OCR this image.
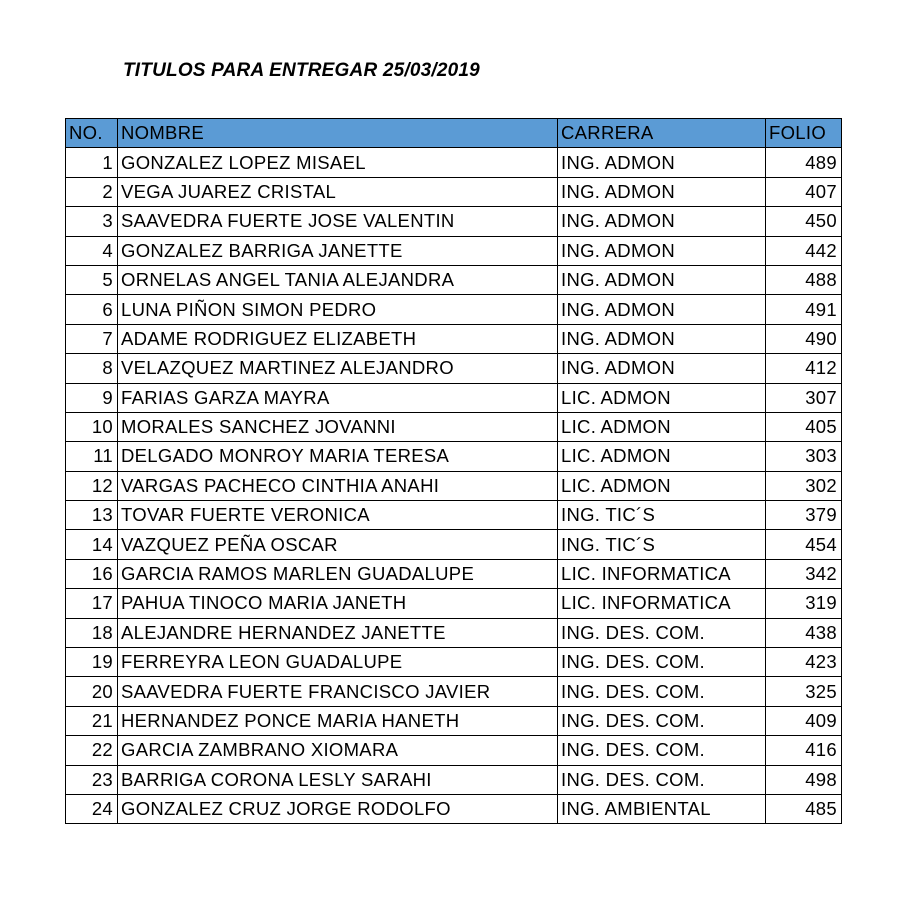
TITULOS PARA ENTREGAR 25/03/2019
NO.	NOMBRE	CARRERA	FOLIO
1	GONZALEZ LOPEZ MISAEL	ING. ADMON	489
2	VEGA JUAREZ CRISTAL	ING. ADMON	407
3	SAAVEDRA FUERTE JOSE VALENTIN	ING. ADMON	450
4	GONZALEZ BARRIGA JANETTE	ING. ADMON	442
5	ORNELAS ANGEL TANIA ALEJANDRA	ING. ADMON	488
6	LUNA PIÑON SIMON PEDRO	ING. ADMON	491
7	ADAME RODRIGUEZ ELIZABETH	ING. ADMON	490
8	VELAZQUEZ MARTINEZ ALEJANDRO	ING. ADMON	412
9	FARIAS GARZA MAYRA	LIC. ADMON	307
10	MORALES SANCHEZ JOVANNI	LIC. ADMON	405
11	DELGADO MONROY MARIA TERESA	LIC. ADMON	303
12	VARGAS PACHECO CINTHIA ANAHI	LIC. ADMON	302
13	TOVAR FUERTE VERONICA	ING. TIC´S	379
14	VAZQUEZ PEÑA OSCAR	ING. TIC´S	454
16	GARCIA RAMOS MARLEN GUADALUPE	LIC. INFORMATICA	342
17	PAHUA TINOCO MARIA JANETH	LIC. INFORMATICA	319
18	ALEJANDRE HERNANDEZ JANETTE	ING. DES. COM.	438
19	FERREYRA LEON GUADALUPE	ING. DES. COM.	423
20	SAAVEDRA FUERTE FRANCISCO JAVIER	ING. DES. COM.	325
21	HERNANDEZ PONCE MARIA HANETH	ING. DES. COM.	409
22	GARCIA ZAMBRANO XIOMARA	ING. DES. COM.	416
23	BARRIGA CORONA LESLY SARAHI	ING. DES. COM.	498
24	GONZALEZ CRUZ JORGE RODOLFO	ING. AMBIENTAL	485
